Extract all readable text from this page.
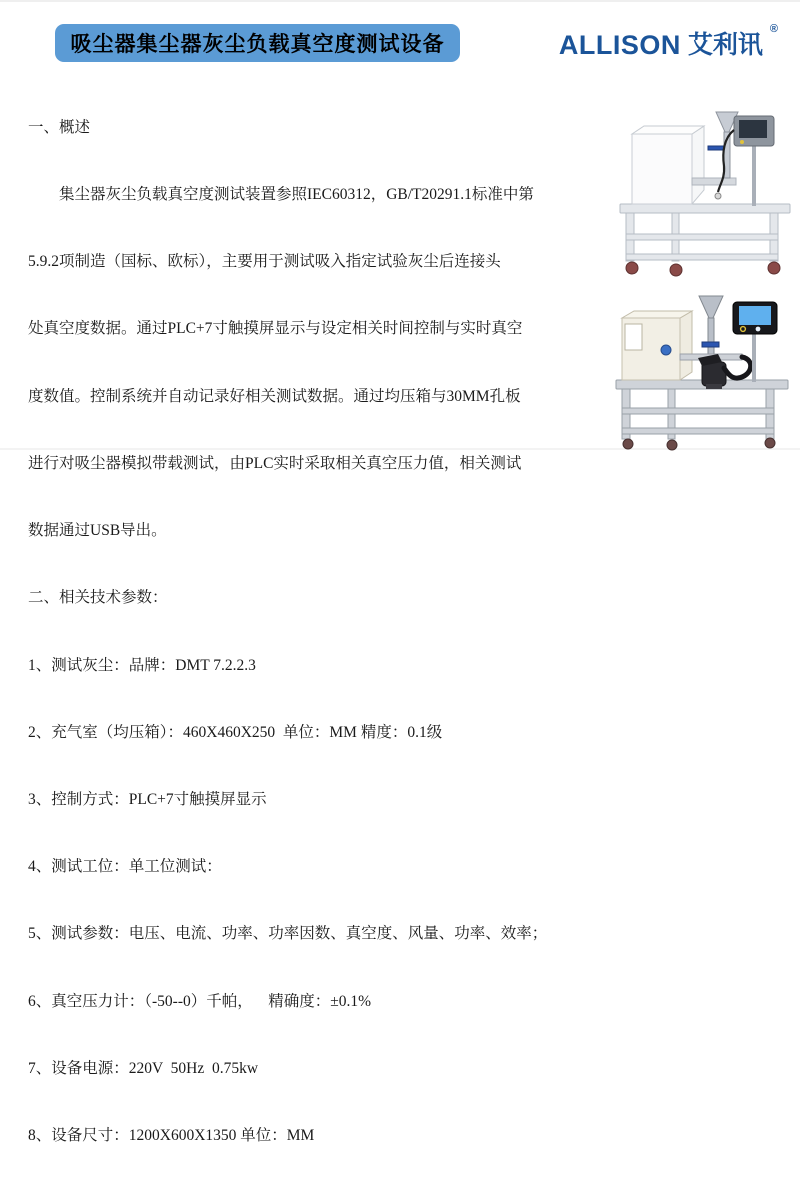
吸尘器集尘器灰尘负载真空度测试设备	ALLISON 艾利讯
®

一、概述

集尘器灰尘负载真空度测试装置参照IEC60312，GB/T20291.1标准中第

5.9.2项制造（国标、欧标），主要用于测试吸入指定试验灰尘后连接头

处真空度数据。通过PLC+7寸触摸屏显示与设定相关时间控制与实时真空

度数值。控制系统并自动记录好相关测试数据。通过均压箱与30MM孔板

进行对吸尘器模拟带载测试，由PLC实时采取相关真空压力值，相关测试

数据通过USB导出。

二、相关技术参数：

1、测试灰尘：品牌：DMT 7.2.2.3

2、充气室（均压箱）：460X460X250  单位：MM 精度：0.1级

3、控制方式：PLC+7寸触摸屏显示

4、测试工位：单工位测试：

5、测试参数：电压、电流、功率、功率因数、真空度、风量、功率、效率；

6、真空压力计：（-50--0）千帕，    精确度：±0.1%

7、设备电源：220V  50Hz  0.75kw

8、设备尺寸：1200X600X1350 单位：MM
